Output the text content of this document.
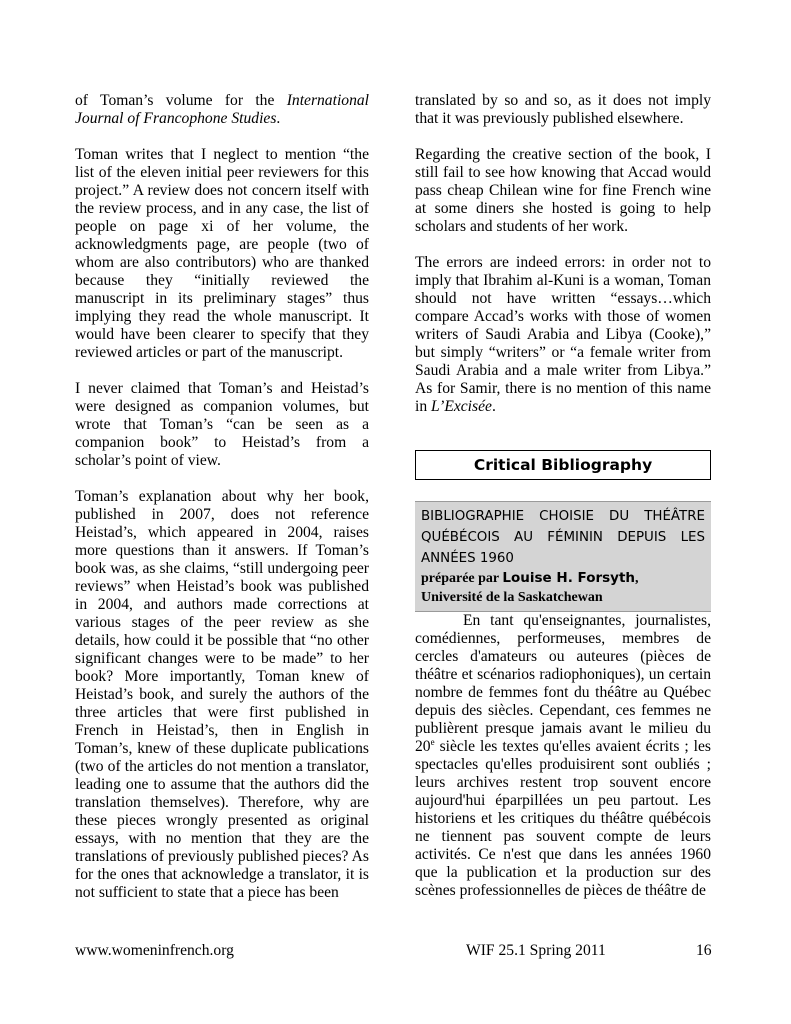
of Toman’s volume for the International Journal of Francophone Studies.

Toman writes that I neglect to mention “the list of the eleven initial peer reviewers for this project.” A review does not concern itself with the review process, and in any case, the list of people on page xi of her volume, the acknowledgments page, are people (two of whom are also contributors) who are thanked because they “initially reviewed the manuscript in its preliminary stages” thus implying they read the whole manuscript. It would have been clearer to specify that they reviewed articles or part of the manuscript.

I never claimed that Toman’s and Heistad’s were designed as companion volumes, but wrote that Toman’s “can be seen as a companion book” to Heistad’s from a scholar’s point of view.

Toman’s explanation about why her book, published in 2007, does not reference Heistad’s, which appeared in 2004, raises more questions than it answers. If Toman’s book was, as she claims, “still undergoing peer reviews” when Heistad’s book was published in 2004, and authors made corrections at various stages of the peer review as she details, how could it be possible that “no other significant changes were to be made” to her book? More importantly, Toman knew of Heistad’s book, and surely the authors of the three articles that were first published in French in Heistad’s, then in English in Toman’s, knew of these duplicate publications (two of the articles do not mention a translator, leading one to assume that the authors did the translation themselves). Therefore, why are these pieces wrongly presented as original essays, with no mention that they are the translations of previously published pieces? As for the ones that acknowledge a translator, it is not sufficient to state that a piece has been

translated by so and so, as it does not imply that it was previously published elsewhere.

Regarding the creative section of the book, I still fail to see how knowing that Accad would pass cheap Chilean wine for fine French wine at some diners she hosted is going to help scholars and students of her work.

The errors are indeed errors: in order not to imply that Ibrahim al-Kuni is a woman, Toman should not have written “essays…which compare Accad’s works with those of women writers of Saudi Arabia and Libya (Cooke),” but simply “writers” or “a female writer from Saudi Arabia and a male writer from Libya.” As for Samir, there is no mention of this name in L’Excisée.

Critical Bibliography
BIBLIOGRAPHIE CHOISIE DU THÉÂTRE QUÉBÉCOIS AU FÉMININ DEPUIS LES ANNÉES 1960
préparée par Louise H. Forsyth,
Université de la Saskatchewan

En tant qu'enseignantes, journalistes, comédiennes, performeuses, membres de cercles d'amateurs ou auteures (pièces de théâtre et scénarios radiophoniques), un certain nombre de femmes font du théâtre au Québec depuis des siècles. Cependant, ces femmes ne publièrent presque jamais avant le milieu du 20e siècle les textes qu'elles avaient écrits ; les spectacles qu'elles produisirent sont oubliés ; leurs archives restent trop souvent encore aujourd'hui éparpillées un peu partout. Les historiens et les critiques du théâtre québécois ne tiennent pas souvent compte de leurs activités. Ce n'est que dans les années 1960 que la publication et la production sur des scènes professionnelles de pièces de théâtre de

www.womeninfrench.org	WIF 25.1 Spring 2011	16
